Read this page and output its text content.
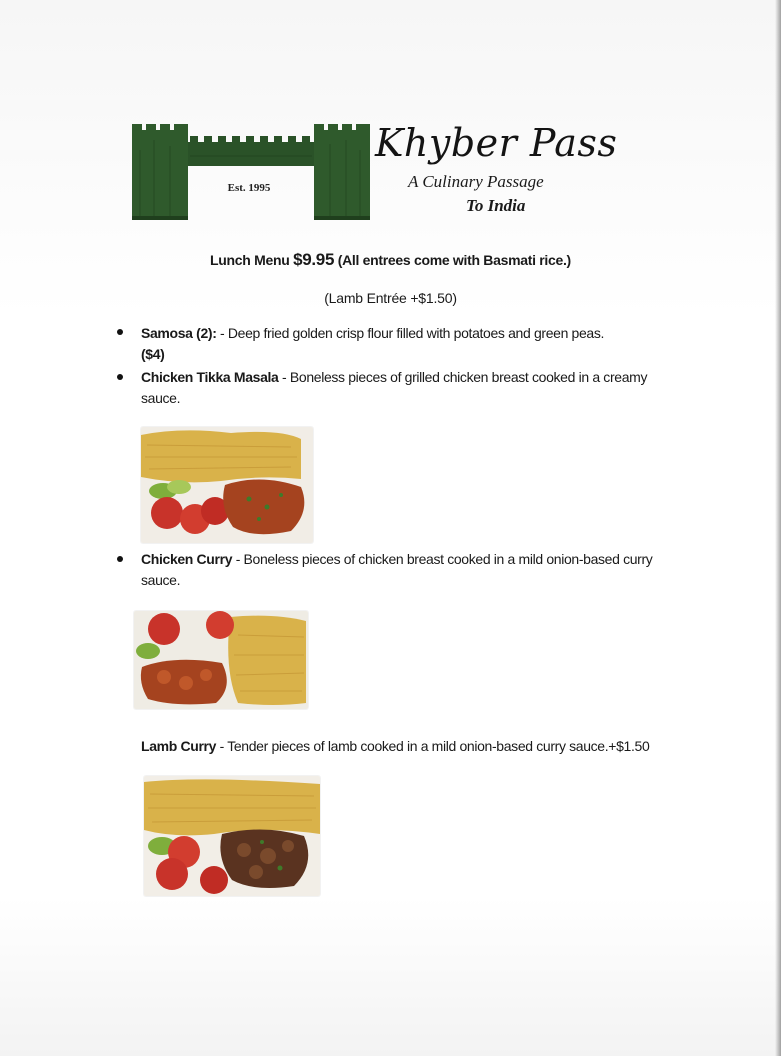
Est. 1995
Khyber Pass
A Culinary Passage
To India
Lunch Menu $9.95 (All entrees come with Basmati rice.)
(Lamb Entrée +$1.50)
Samosa (2): - Deep fried golden crisp flour filled with potatoes and green peas.
($4)
Chicken Tikka Masala - Boneless pieces of grilled chicken breast cooked in a creamy sauce.
Chicken Curry - Boneless pieces of chicken breast cooked in a mild onion-based curry sauce.
Lamb Curry - Tender pieces of lamb cooked in a mild onion-based curry sauce.+$1.50
